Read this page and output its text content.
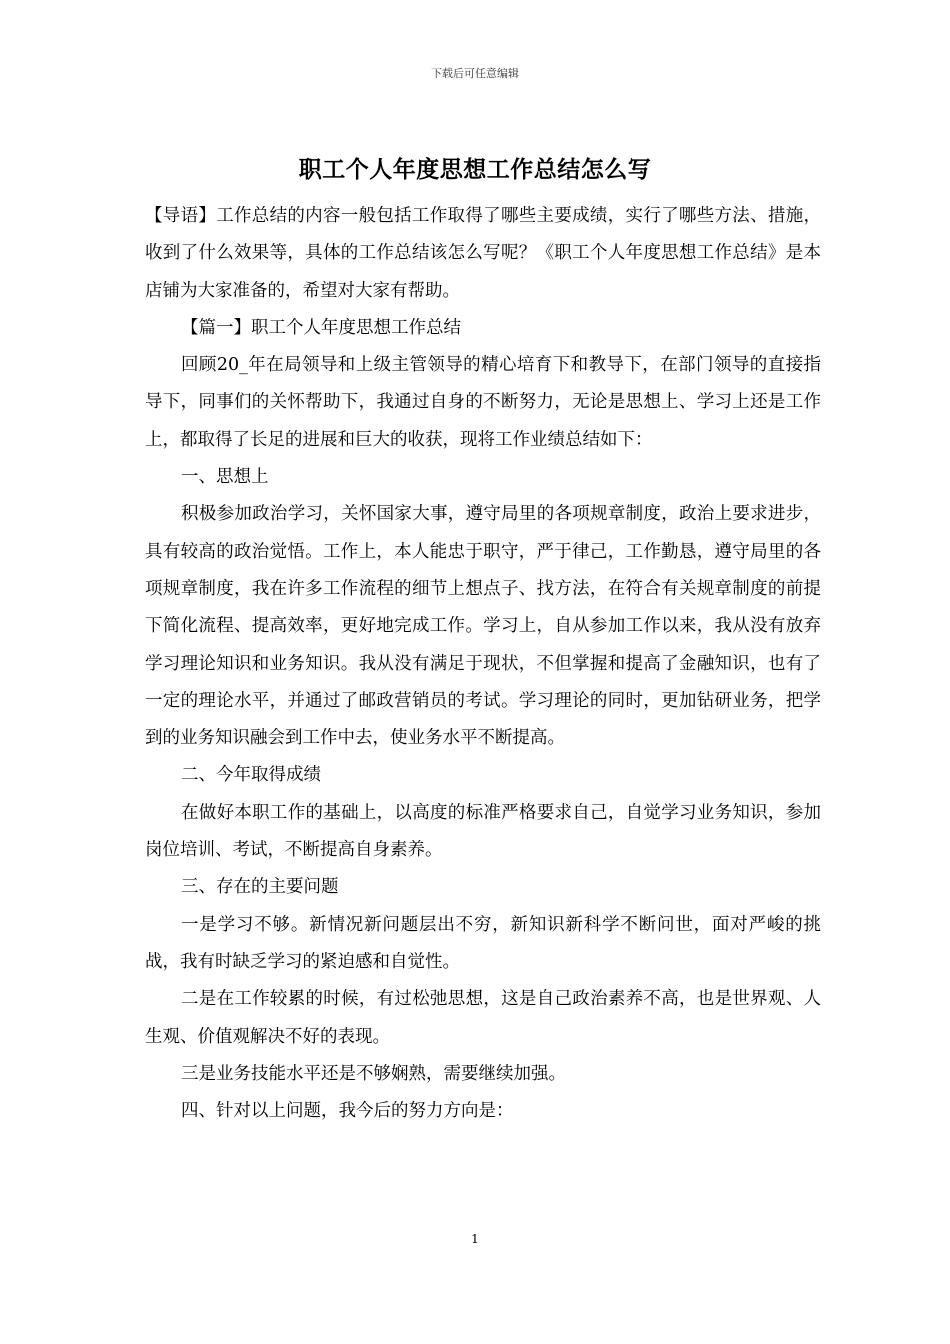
下载后可任意编辑
职工个人年度思想工作总结怎么写

【导语】工作总结的内容一般包括工作取得了哪些主要成绩，实行了哪些方法、措施，收到了什么效果等，具体的工作总结该怎么写呢？《职工个人年度思想工作总结》是本店铺为大家准备的，希望对大家有帮助。

【篇一】职工个人年度思想工作总结

回顾20_年在局领导和上级主管领导的精心培育下和教导下，在部门领导的直接指导下，同事们的关怀帮助下，我通过自身的不断努力，无论是思想上、学习上还是工作上，都取得了长足的进展和巨大的收获，现将工作业绩总结如下：

一、思想上

积极参加政治学习，关怀国家大事，遵守局里的各项规章制度，政治上要求进步，具有较高的政治觉悟。工作上，本人能忠于职守，严于律己，工作勤恳，遵守局里的各项规章制度，我在许多工作流程的细节上想点子、找方法，在符合有关规章制度的前提下简化流程、提高效率，更好地完成工作。学习上，自从参加工作以来，我从没有放弃学习理论知识和业务知识。我从没有满足于现状，不但掌握和提高了金融知识，也有了一定的理论水平，并通过了邮政营销员的考试。学习理论的同时，更加钻研业务，把学到的业务知识融会到工作中去，使业务水平不断提高。

二、今年取得成绩

在做好本职工作的基础上，以高度的标准严格要求自己，自觉学习业务知识，参加岗位培训、考试，不断提高自身素养。

三、存在的主要问题

一是学习不够。新情况新问题层出不穷，新知识新科学不断问世，面对严峻的挑战，我有时缺乏学习的紧迫感和自觉性。

二是在工作较累的时候，有过松弛思想，这是自己政治素养不高，也是世界观、人生观、价值观解决不好的表现。

三是业务技能水平还是不够娴熟，需要继续加强。

四、针对以上问题，我今后的努力方向是：

1
